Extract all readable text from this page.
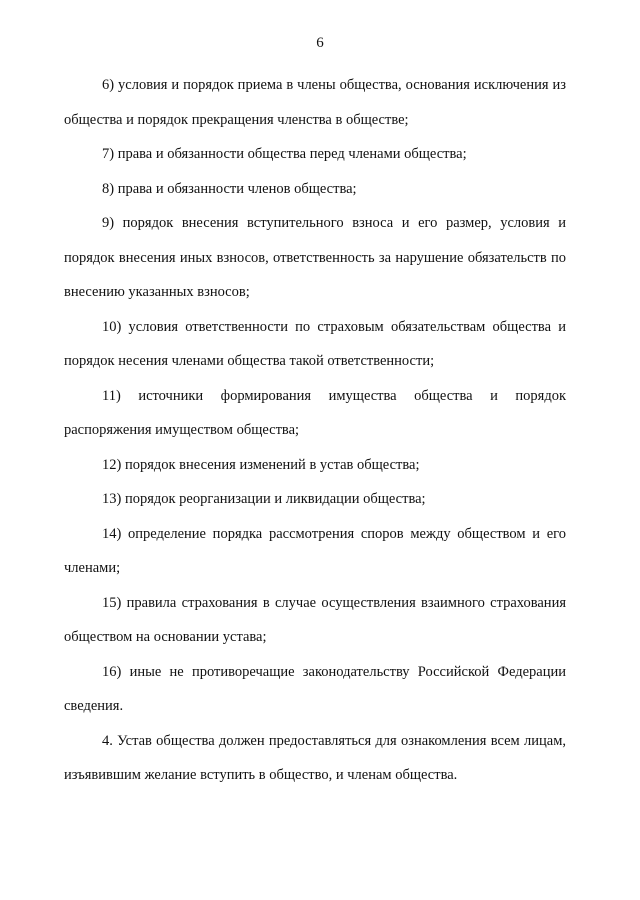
6

6) условия и порядок приема в члены общества, основания исключения из общества и порядок прекращения членства в обществе;

7) права и обязанности общества перед членами общества;

8) права и обязанности членов общества;

9) порядок внесения вступительного взноса и его размер, условия и порядок внесения иных взносов, ответственность за нарушение обязательств по внесению указанных взносов;

10) условия ответственности по страховым обязательствам общества и порядок несения членами общества такой ответственности;

11) источники формирования имущества общества и порядок распоряжения имуществом общества;

12) порядок внесения изменений в устав общества;

13) порядок реорганизации и ликвидации общества;

14) определение порядка рассмотрения споров между обществом и его членами;

15) правила страхования в случае осуществления взаимного страхования обществом на основании устава;

16) иные не противоречащие законодательству Российской Федерации сведения.

4. Устав общества должен предоставляться для ознакомления всем лицам, изъявившим желание вступить в общество, и членам общества.
